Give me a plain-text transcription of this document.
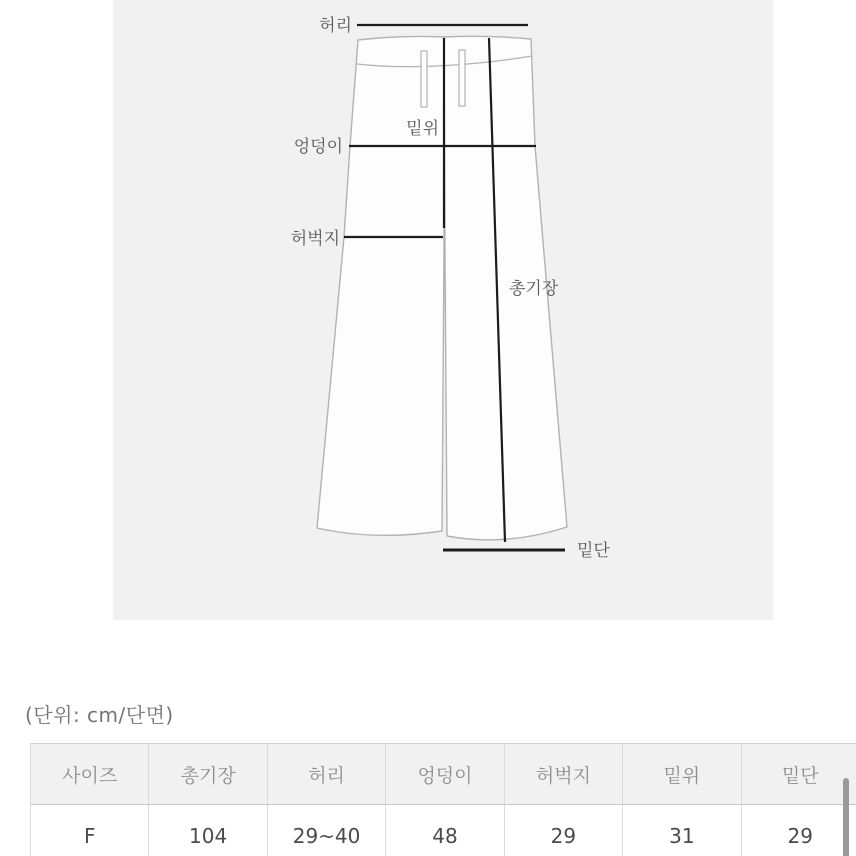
허리
밑위
엉덩이
허벅지
총기장
밑단
(단위: cm/단면)
사이즈	총기장	허리	엉덩이	허벅지	밑위	밑단
F	104	29~40	48	29	31	29
